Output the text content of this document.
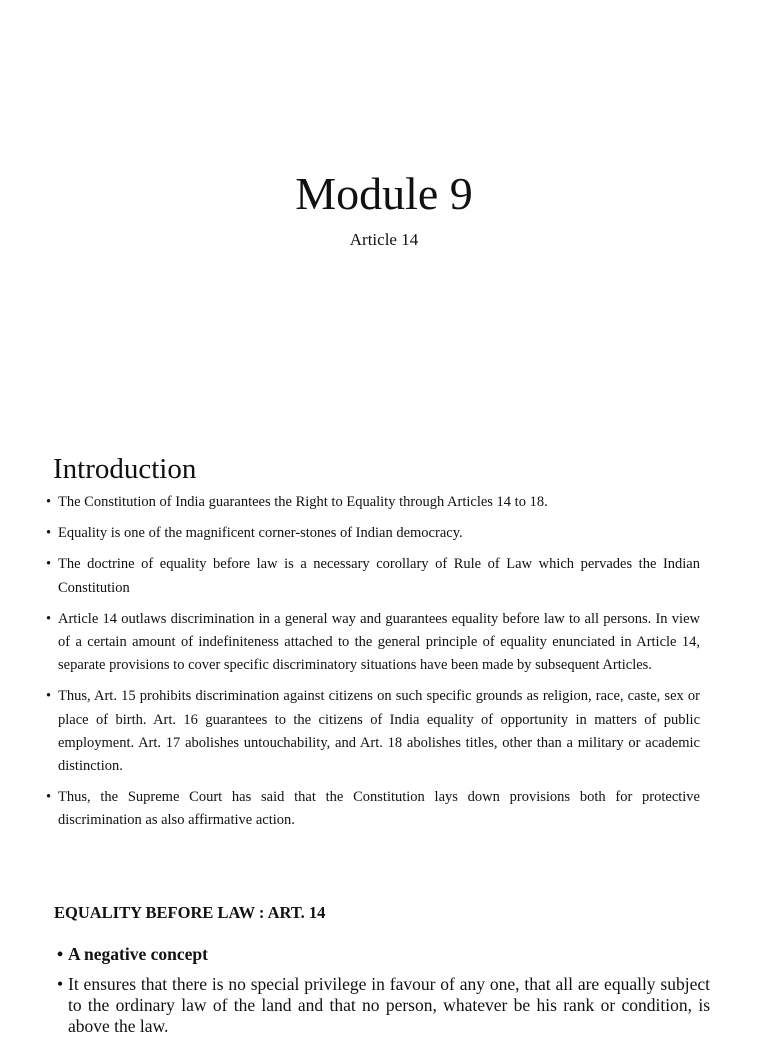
Module 9
Article 14
Introduction
• The Constitution of India guarantees the Right to Equality through Articles 14 to 18.
• Equality is one of the magnificent corner-stones of Indian democracy.
• The doctrine of equality before law is a necessary corollary of Rule of Law which pervades the Indian Constitution
• Article 14 outlaws discrimination in a general way and guarantees equality before law to all persons. In view of a certain amount of indefiniteness attached to the general principle of equality enunciated in Article 14, separate provisions to cover specific discriminatory situations have been made by subsequent Articles.
• Thus, Art. 15 prohibits discrimination against citizens on such specific grounds as religion, race, caste, sex or place of birth. Art. 16 guarantees to the citizens of India equality of opportunity in matters of public employment. Art. 17 abolishes untouchability, and Art. 18 abolishes titles, other than a military or academic distinction.
• Thus, the Supreme Court has said that the Constitution lays down provisions both for protective discrimination as also affirmative action.
EQUALITY BEFORE LAW : ART. 14
• A negative concept
• It ensures that there is no special privilege in favour of any one, that all are equally subject to the ordinary law of the land and that no person, whatever be his rank or condition, is above the law.
